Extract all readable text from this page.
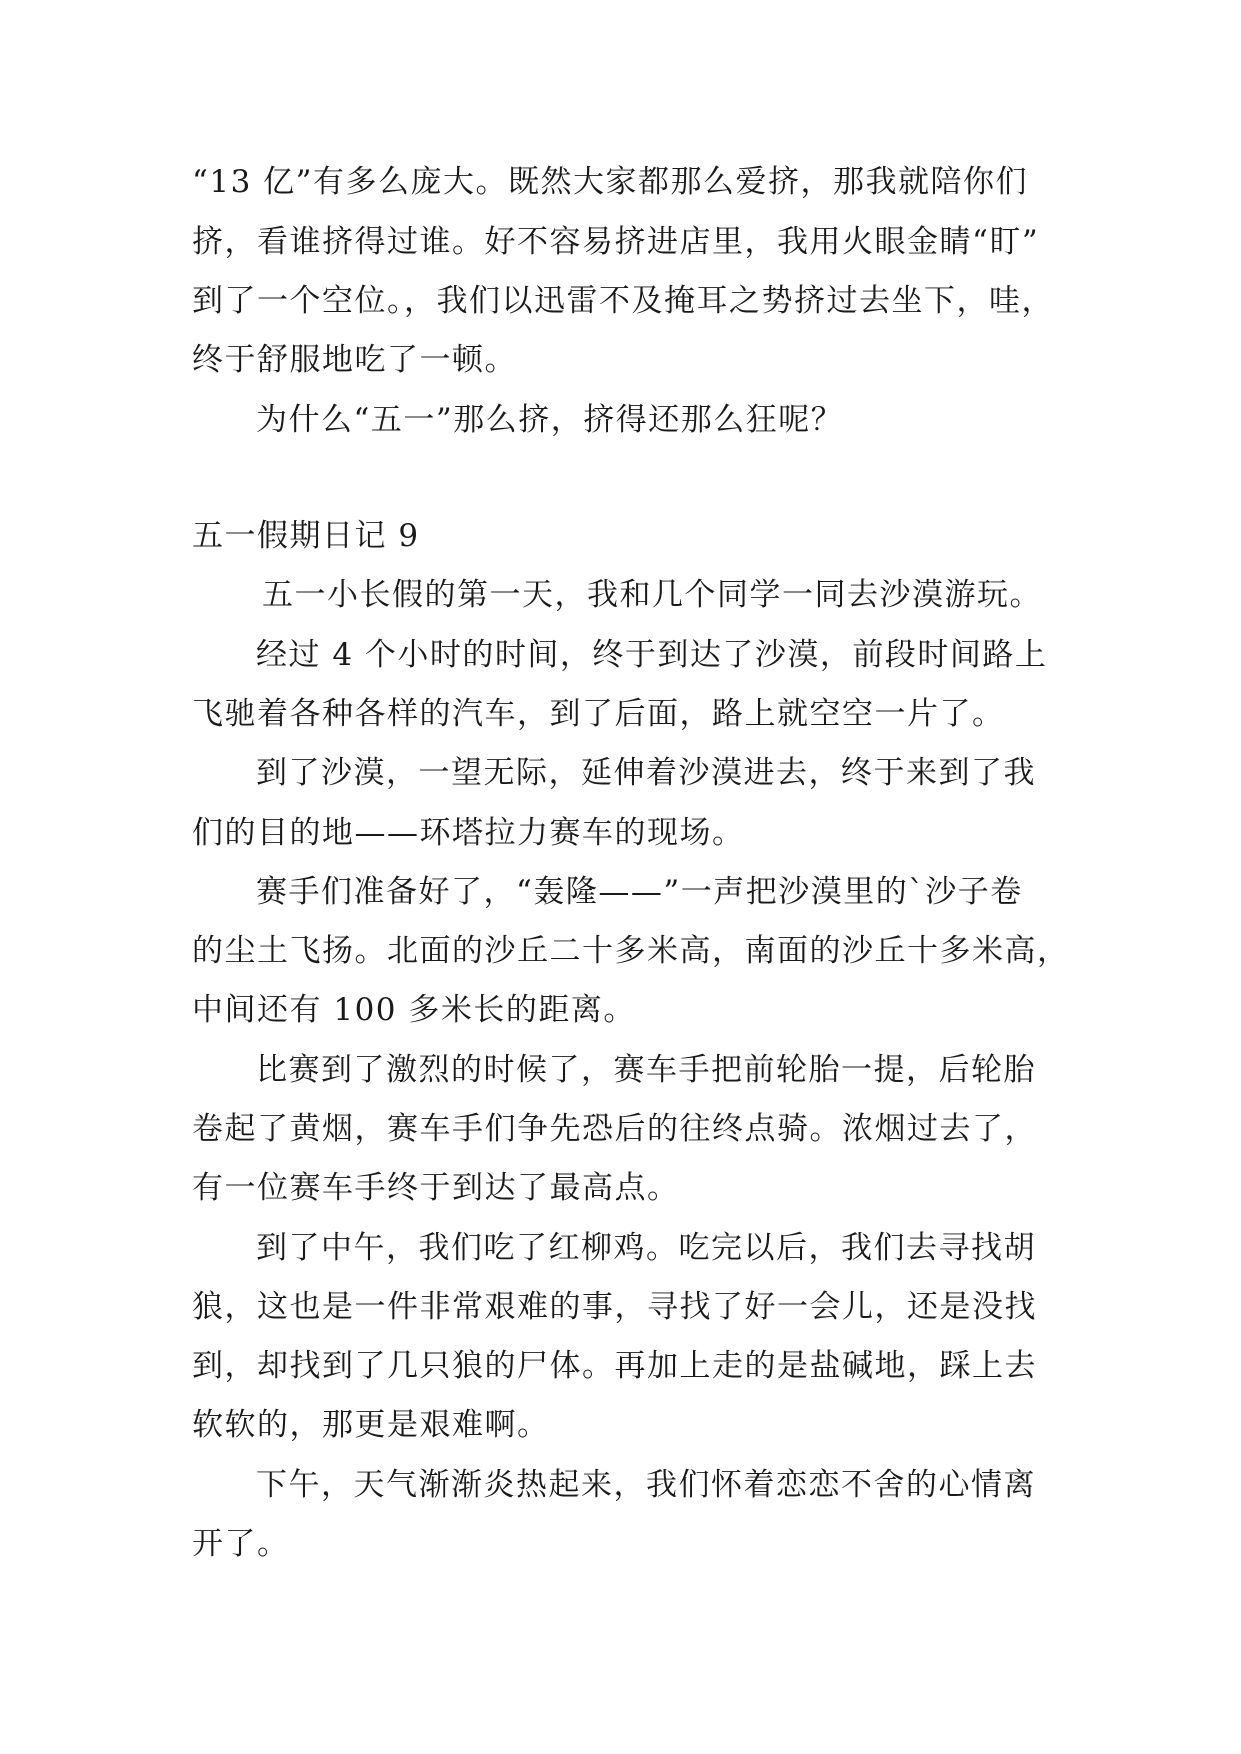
“13 亿”有多么庞大。既然大家都那么爱挤，那我就陪你们
挤，看谁挤得过谁。好不容易挤进店里，我用火眼金睛“盯”
到了一个空位。，我们以迅雷不及掩耳之势挤过去坐下，哇，
终于舒服地吃了一顿。
为什么“五一”那么挤，挤得还那么狂呢？
五一假期日记 9
五一小长假的第一天，我和几个同学一同去沙漠游玩。
经过 4 个小时的时间，终于到达了沙漠，前段时间路上
飞驰着各种各样的汽车，到了后面，路上就空空一片了。
到了沙漠，一望无际，延伸着沙漠进去，终于来到了我
们的目的地——环塔拉力赛车的现场。
赛手们准备好了，“轰隆——”一声把沙漠里的`沙子卷
的尘土飞扬。北面的沙丘二十多米高，南面的沙丘十多米高，
中间还有 100 多米长的距离。
比赛到了激烈的时候了，赛车手把前轮胎一提，后轮胎
卷起了黄烟，赛车手们争先恐后的往终点骑。浓烟过去了，
有一位赛车手终于到达了最高点。
到了中午，我们吃了红柳鸡。吃完以后，我们去寻找胡
狼，这也是一件非常艰难的事，寻找了好一会儿，还是没找
到，却找到了几只狼的尸体。再加上走的是盐碱地，踩上去
软软的，那更是艰难啊。
下午，天气渐渐炎热起来，我们怀着恋恋不舍的心情离
开了。
